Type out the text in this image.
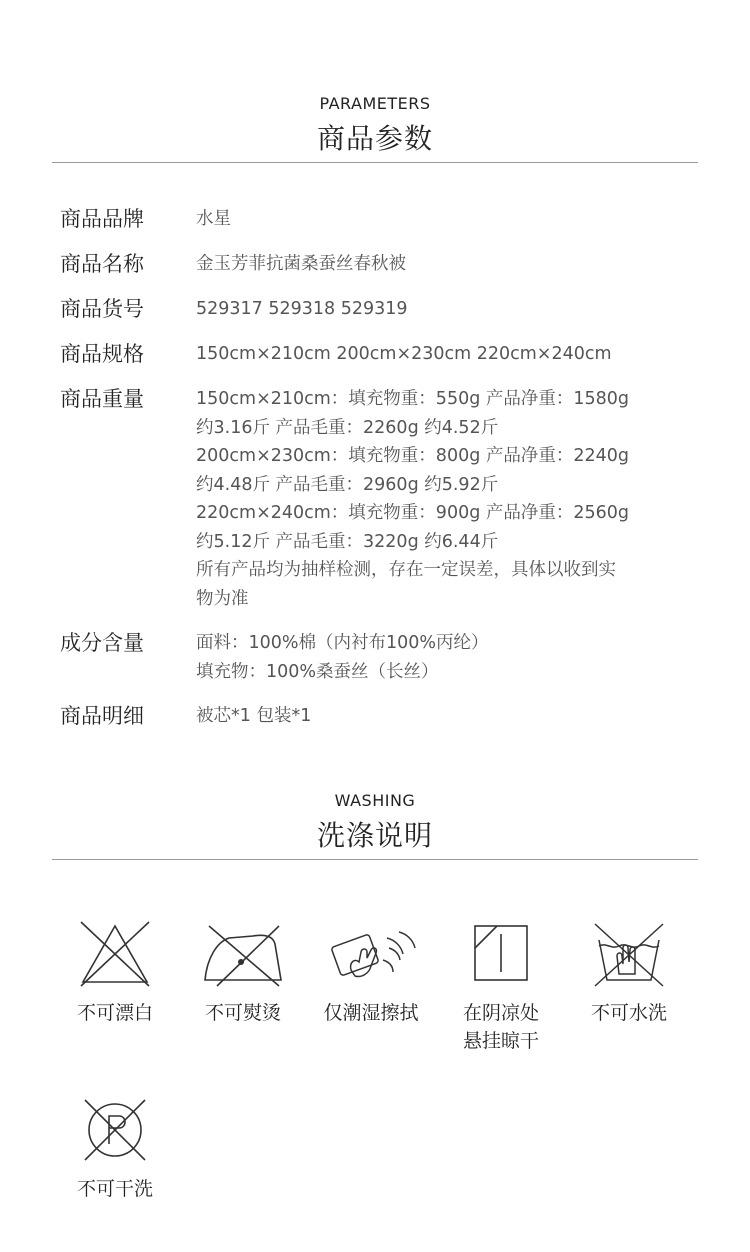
PARAMETERS
商品参数
商品品牌	水星
商品名称	金玉芳菲抗菌桑蚕丝春秋被
商品货号	529317 529318 529319
商品规格	150cm×210cm 200cm×230cm 220cm×240cm
商品重量	150cm×210cm：填充物重：550g 产品净重：1580g
约3.16斤 产品毛重：2260g 约4.52斤
200cm×230cm：填充物重：800g 产品净重：2240g
约4.48斤 产品毛重：2960g 约5.92斤
220cm×240cm：填充物重：900g 产品净重：2560g
约5.12斤 产品毛重：3220g 约6.44斤
所有产品均为抽样检测，存在一定误差，具体以收到实
物为准
成分含量	面料：100%棉（内衬布100%丙纶）
填充物：100%桑蚕丝（长丝）
商品明细	被芯*1 包装*1
WASHING
洗涤说明
不可漂白	不可熨烫	仅潮湿擦拭	在阴凉处
悬挂晾干
不可水洗
不可干洗
